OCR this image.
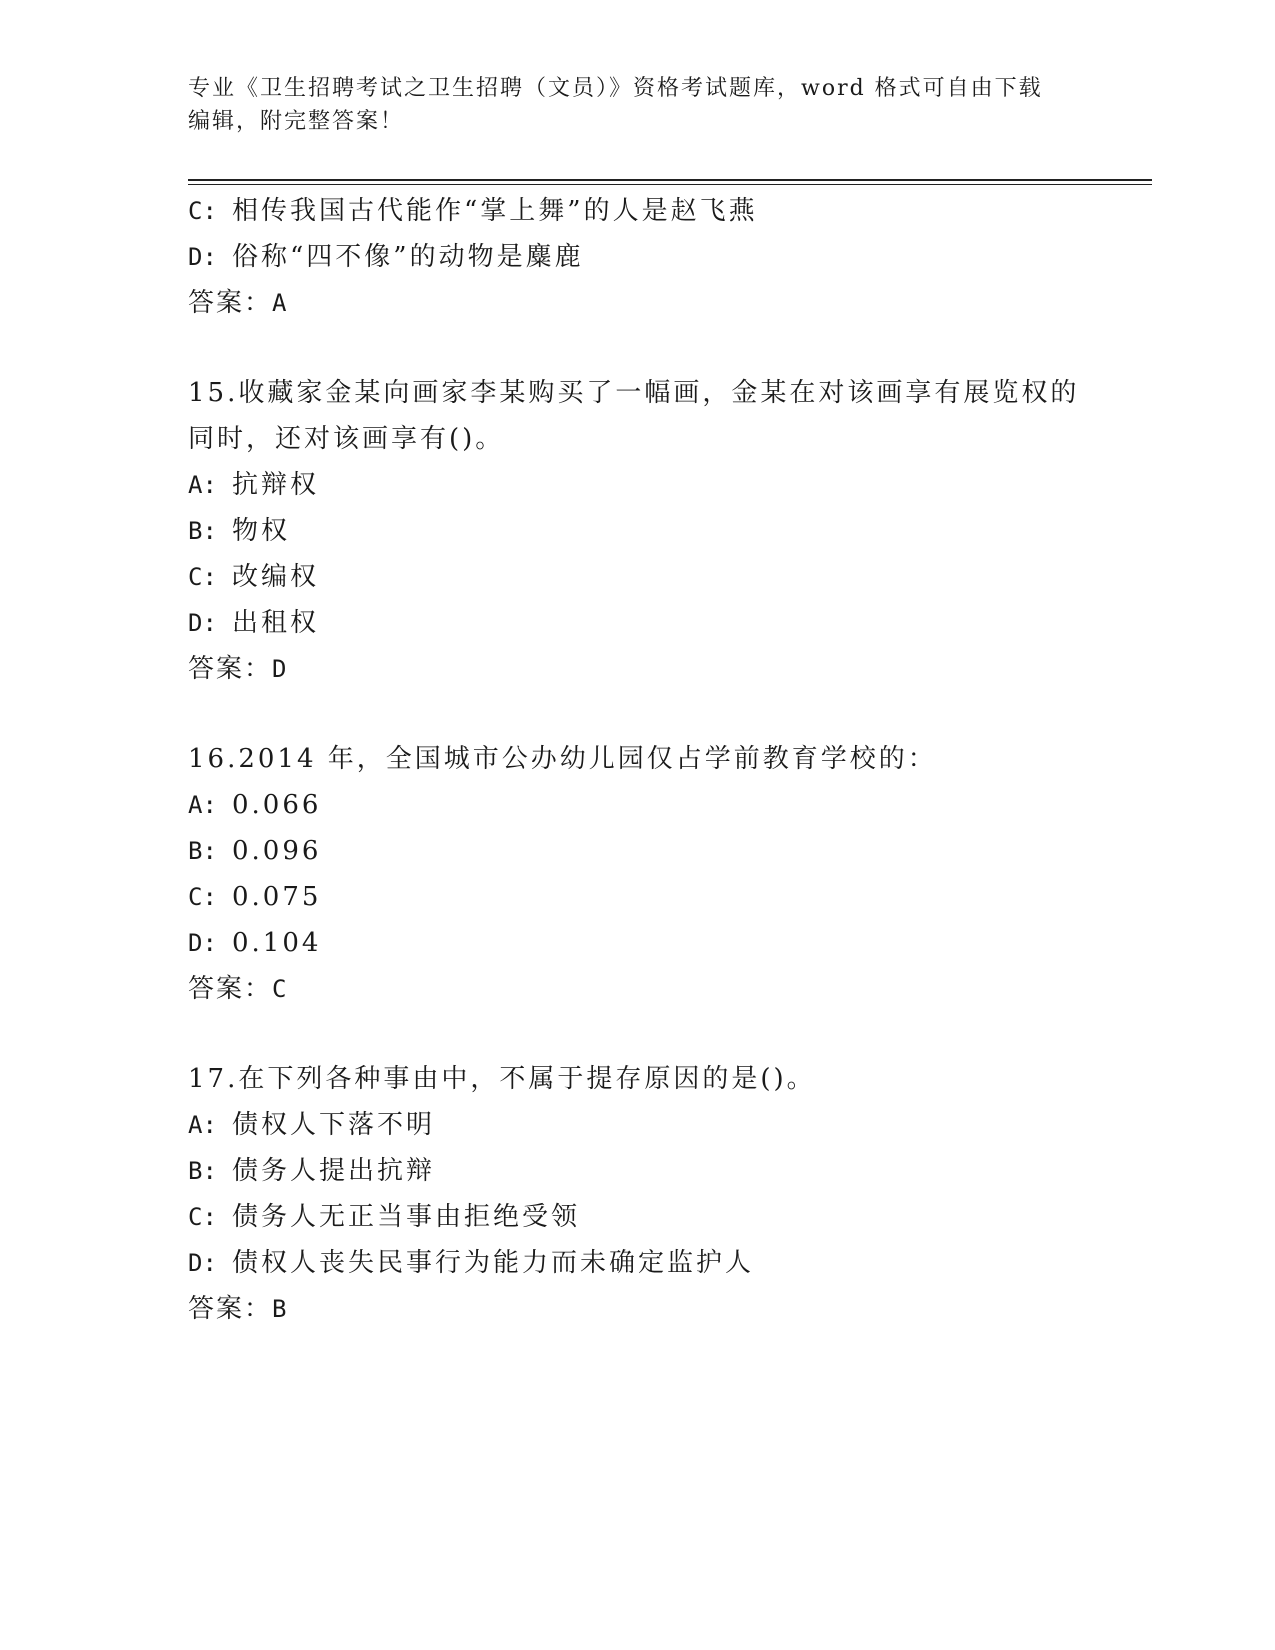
专业《卫生招聘考试之卫生招聘（文员）》资格考试题库，word 格式可自由下载
编辑，附完整答案！
C: 相传我国古代能作“掌上舞”的人是赵飞燕
D: 俗称“四不像”的动物是麋鹿
答案：A
15.收藏家金某向画家李某购买了一幅画，金某在对该画享有展览权的
同时，还对该画享有()。
A: 抗辩权
B: 物权
C: 改编权
D: 出租权
答案：D
16.2014 年，全国城市公办幼儿园仅占学前教育学校的：
A: 0.066
B: 0.096
C: 0.075
D: 0.104
答案：C
17.在下列各种事由中，不属于提存原因的是()。
A: 债权人下落不明
B: 债务人提出抗辩
C: 债务人无正当事由拒绝受领
D: 债权人丧失民事行为能力而未确定监护人
答案：B
